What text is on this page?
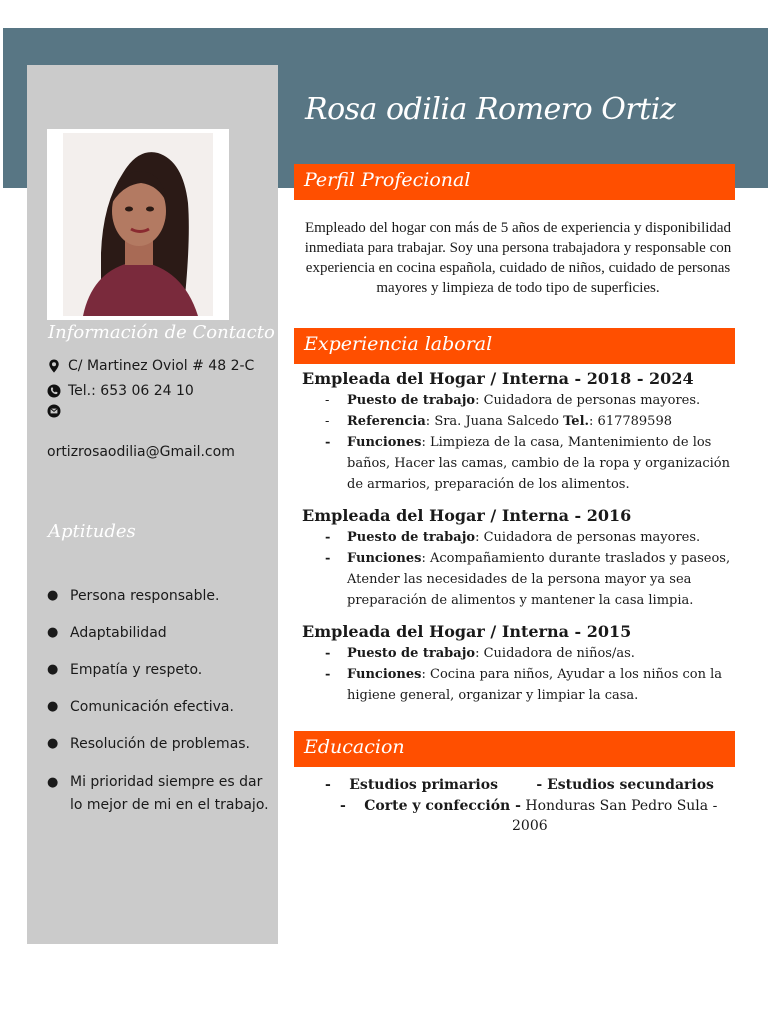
Rosa odilia Romero Ortiz
Información de Contacto
C/ Martinez Oviol # 48 2-C
Tel.: 653 06 24 10
ortizrosaodilia@Gmail.com
Aptitudes
● Persona responsable.
● Adaptabilidad
● Empatía y respeto.
● Comunicación efectiva.
● Resolución de problemas.
● Mi prioridad siempre es dar lo mejor de mi en el trabajo.
Perfil Profecional
Empleado del hogar con más de 5 años de experiencia y disponibilidad inmediata para trabajar. Soy una persona trabajadora y responsable con experiencia en cocina española, cuidado de niños, cuidado de personas mayores y limpieza de todo tipo de superficies.
Experiencia laboral
Empleada del Hogar / Interna - 2018 - 2024
- Puesto de trabajo: Cuidadora de personas mayores.
- Referencia: Sra. Juana Salcedo Tel.: 617789598
- Funciones: Limpieza de la casa, Mantenimiento de los baños, Hacer las camas, cambio de la ropa y organización de armarios, preparación de los alimentos.
Empleada del Hogar / Interna - 2016
- Puesto de trabajo: Cuidadora de personas mayores.
- Funciones: Acompañamiento durante traslados y paseos, Atender las necesidades de la persona mayor ya sea preparación de alimentos y mantener la casa limpia.
Empleada del Hogar / Interna - 2015
- Puesto de trabajo: Cuidadora de niños/as.
- Funciones: Cocina para niños, Ayudar a los niños con la higiene general, organizar y limpiar la casa.
Educacion
- Estudios primarios	- Estudios secundarios
- Corte y confección - Honduras San Pedro Sula -
2006
